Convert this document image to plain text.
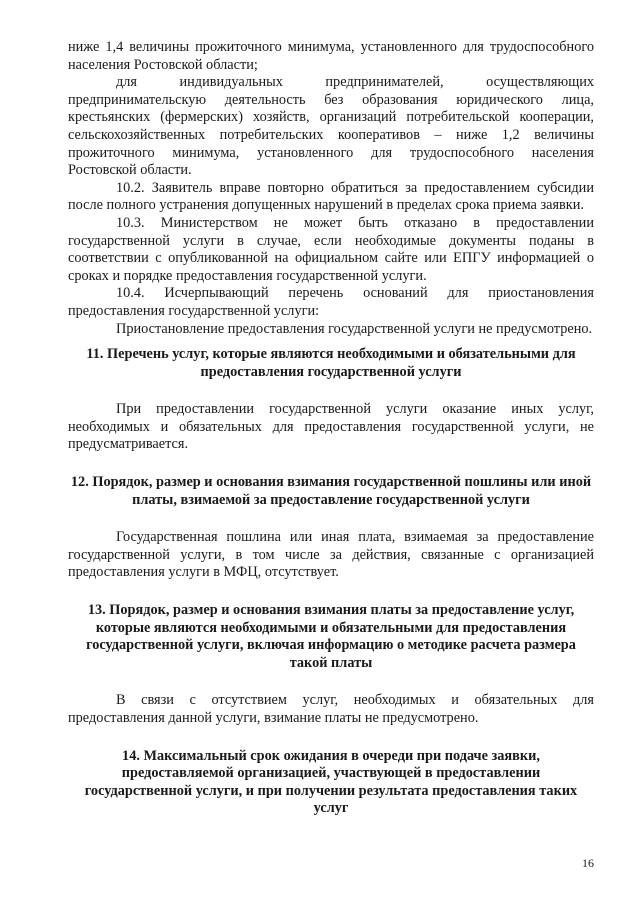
ниже 1,4 величины прожиточного минимума, установленного для трудоспособного населения Ростовской области;

для индивидуальных предпринимателей, осуществляющих предпринимательскую деятельность без образования юридического лица, крестьянских (фермерских) хозяйств, организаций потребительской кооперации, сельскохозяйственных потребительских кооперативов – ниже 1,2 величины прожиточного минимума, установленного для трудоспособного населения Ростовской области.

10.2. Заявитель вправе повторно обратиться за предоставлением субсидии после полного устранения допущенных нарушений в пределах срока приема заявки.

10.3. Министерством не может быть отказано в предоставлении государственной услуги в случае, если необходимые документы поданы в соответствии с опубликованной на официальном сайте или ЕПГУ информацией о сроках и порядке предоставления государственной услуги.

10.4. Исчерпывающий перечень оснований для приостановления предоставления государственной услуги:

Приостановление предоставления государственной услуги не предусмотрено.

11. Перечень услуг, которые являются необходимыми и обязательными для предоставления государственной услуги

При предоставлении государственной услуги оказание иных услуг, необходимых и обязательных для предоставления государственной услуги, не предусматривается.

12. Порядок, размер и основания взимания государственной пошлины или иной платы, взимаемой за предоставление государственной услуги

Государственная пошлина или иная плата, взимаемая за предоставление государственной услуги, в том числе за действия, связанные с организацией предоставления услуги в МФЦ, отсутствует.

13. Порядок, размер и основания взимания платы за предоставление услуг, которые являются необходимыми и обязательными для предоставления государственной услуги, включая информацию о методике расчета размера такой платы

В связи с отсутствием услуг, необходимых и обязательных для предоставления данной услуги, взимание платы не предусмотрено.

14. Максимальный срок ожидания в очереди при подаче заявки, предоставляемой организацией, участвующей в предоставлении государственной услуги, и при получении результата предоставления таких услуг
16
